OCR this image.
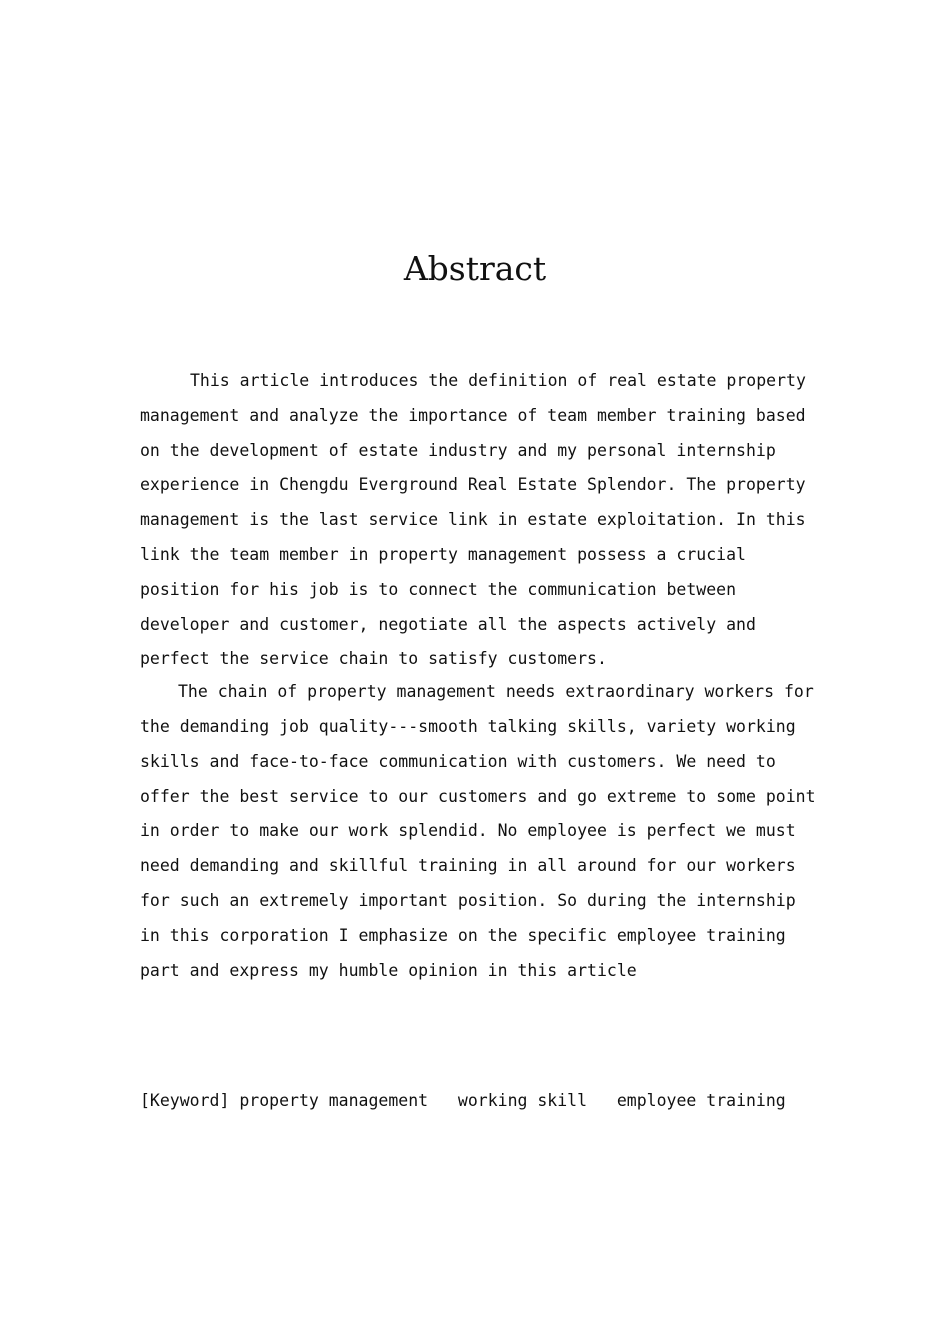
Abstract

This article introduces the definition of real estate property management and analyze the importance of team member training based on the development of estate industry and my personal internship experience in Chengdu Everground Real Estate Splendor. The property management is the last service link in estate exploitation. In this link the team member in property management possess a crucial position for his job is to connect the communication between developer and customer, negotiate all the aspects actively and perfect the service chain to satisfy customers.

The chain of property management needs extraordinary workers for the demanding job quality---smooth talking skills, variety working skills and face-to-face communication with customers. We need to offer the best service to our customers and go extreme to some point in order to make our work splendid. No employee is perfect we must need demanding and skillful training in all around for our workers for such an extremely important position. So during the internship in this corporation I emphasize on the specific employee training part and express my humble opinion in this article

[Keyword] property management working skill employee training
